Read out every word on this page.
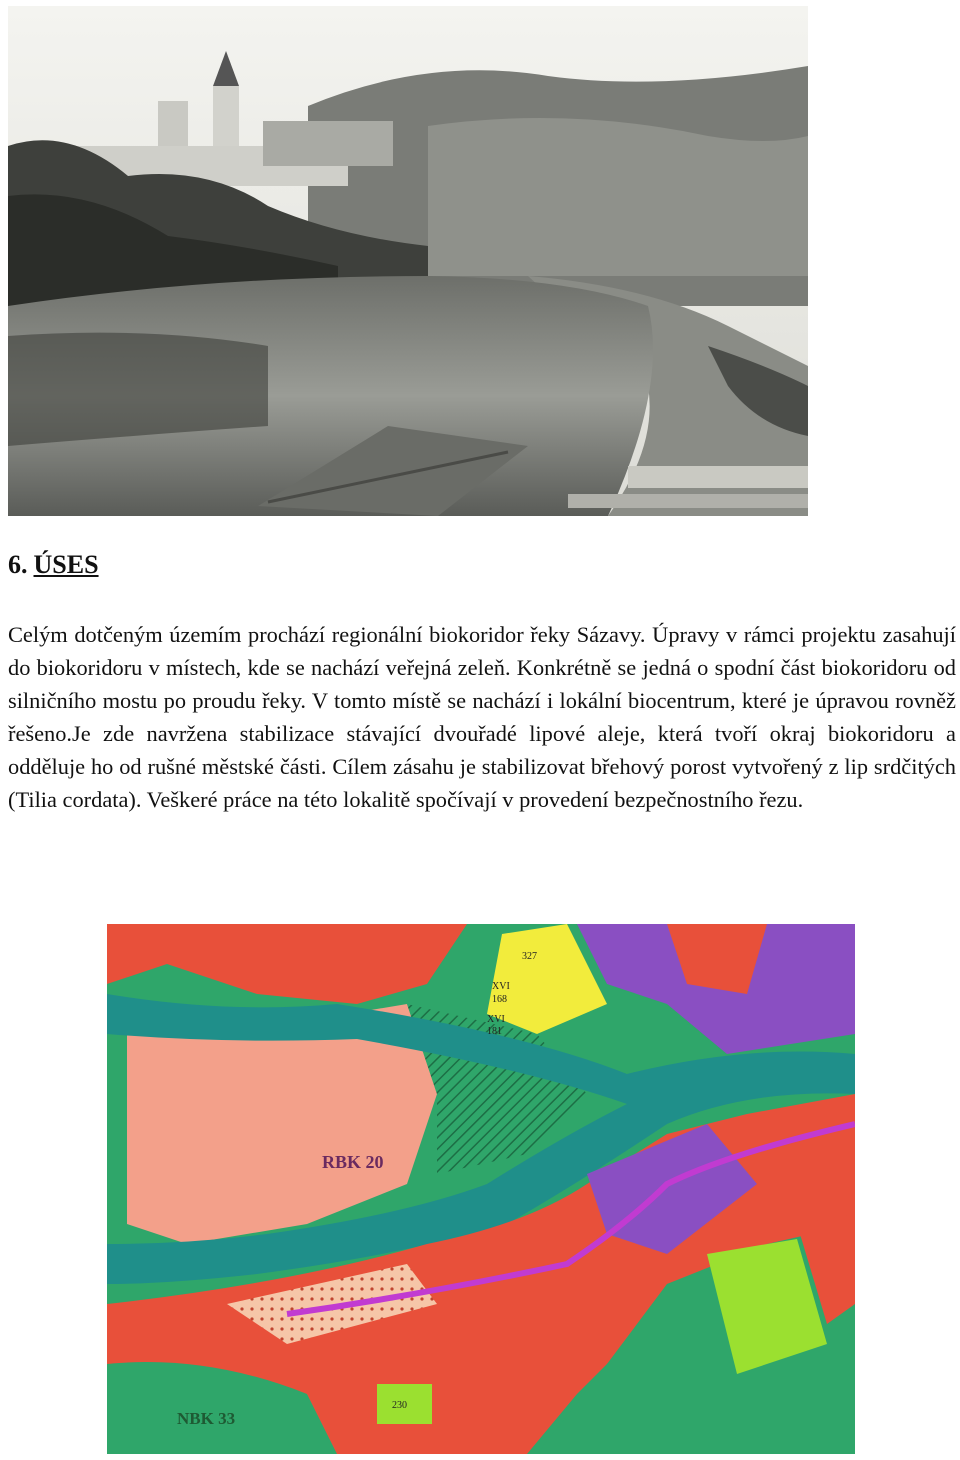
6. ÚSES

Celým dotčeným územím prochází regionální biokoridor řeky Sázavy. Úpravy v rámci projektu zasahují do biokoridoru v místech, kde se nachází veřejná zeleň. Konkrétně se jedná o spodní část biokoridoru od silničního mostu po proudu řeky. V tomto místě se nachází i lokální biocentrum, které je úpravou rovněž řešeno.Je zde navržena stabilizace stávající dvouřadé lipové aleje, která tvoří okraj biokoridoru a odděluje ho od rušné městské části. Cílem zásahu je stabilizovat břehový porost vytvořený z lip srdčitých (Tilia cordata). Veškeré práce na této lokalitě spočívají v provedení bezpečnostního řezu.

RBK 20
NBK 33
327
XVI
168
XVI
181
230
